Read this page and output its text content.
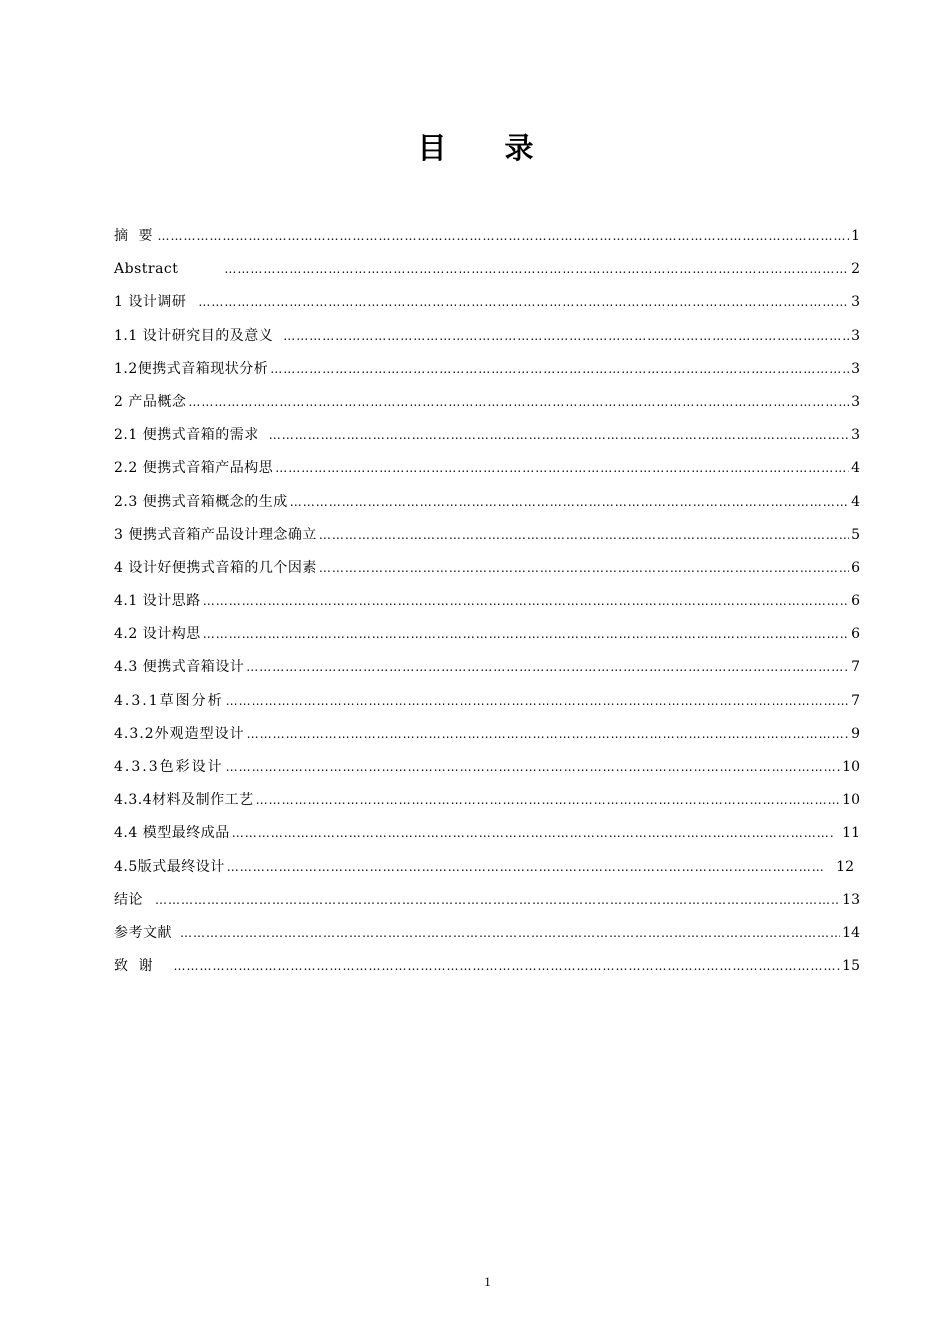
目 录
摘 要 …………………………………………………………………………………………………………………………………………………………………………………………………………………………………………………………………	1
Abstract …………………………………………………………………………………………………………………………………………………………………………………………………………………………………………………………………	2
1 设计调研 …………………………………………………………………………………………………………………………………………………………………………………………………………………………………………………………………	3
1.1 设计研究目的及意义 …………………………………………………………………………………………………………………………………………………………………………………………………………………………………………………………………	3
1.2便携式音箱现状分析 …………………………………………………………………………………………………………………………………………………………………………………………………………………………………………………………………	3
2 产品概念 …………………………………………………………………………………………………………………………………………………………………………………………………………………………………………………………………	3
2.1 便携式音箱的需求 …………………………………………………………………………………………………………………………………………………………………………………………………………………………………………………………………	3
2.2 便携式音箱产品构思 …………………………………………………………………………………………………………………………………………………………………………………………………………………………………………………………………	4
2.3 便携式音箱概念的生成 …………………………………………………………………………………………………………………………………………………………………………………………………………………………………………………………………	4
3 便携式音箱产品设计理念确立 …………………………………………………………………………………………………………………………………………………………………………………………………………………………………………………………………	5
4 设计好便携式音箱的几个因素 …………………………………………………………………………………………………………………………………………………………………………………………………………………………………………………………………	6
4.1 设计思路 …………………………………………………………………………………………………………………………………………………………………………………………………………………………………………………………………	6
4.2 设计构思 …………………………………………………………………………………………………………………………………………………………………………………………………………………………………………………………………	6
4.3 便携式音箱设计 …………………………………………………………………………………………………………………………………………………………………………………………………………………………………………………………………	7
4.3.1草图分析 …………………………………………………………………………………………………………………………………………………………………………………………………………………………………………………………………	7
4.3.2外观造型设计 …………………………………………………………………………………………………………………………………………………………………………………………………………………………………………………………………	9
4.3.3色彩设计 …………………………………………………………………………………………………………………………………………………………………………………………………………………………………………………………………	10
4.3.4材料及制作工艺 …………………………………………………………………………………………………………………………………………………………………………………………………………………………………………………………………	10
4.4 模型最终成品 …………………………………………………………………………………………………………………………………………………………………………………………………………………………………………………………………	11
4.5版式最终设计 …………………………………………………………………………………………………………………………………………………………………………………………………………………………………………………………………	12
结论 …………………………………………………………………………………………………………………………………………………………………………………………………………………………………………………………………	13
参考文献 …………………………………………………………………………………………………………………………………………………………………………………………………………………………………………………………………	14
致 谢 …………………………………………………………………………………………………………………………………………………………………………………………………………………………………………………………………	15
1
